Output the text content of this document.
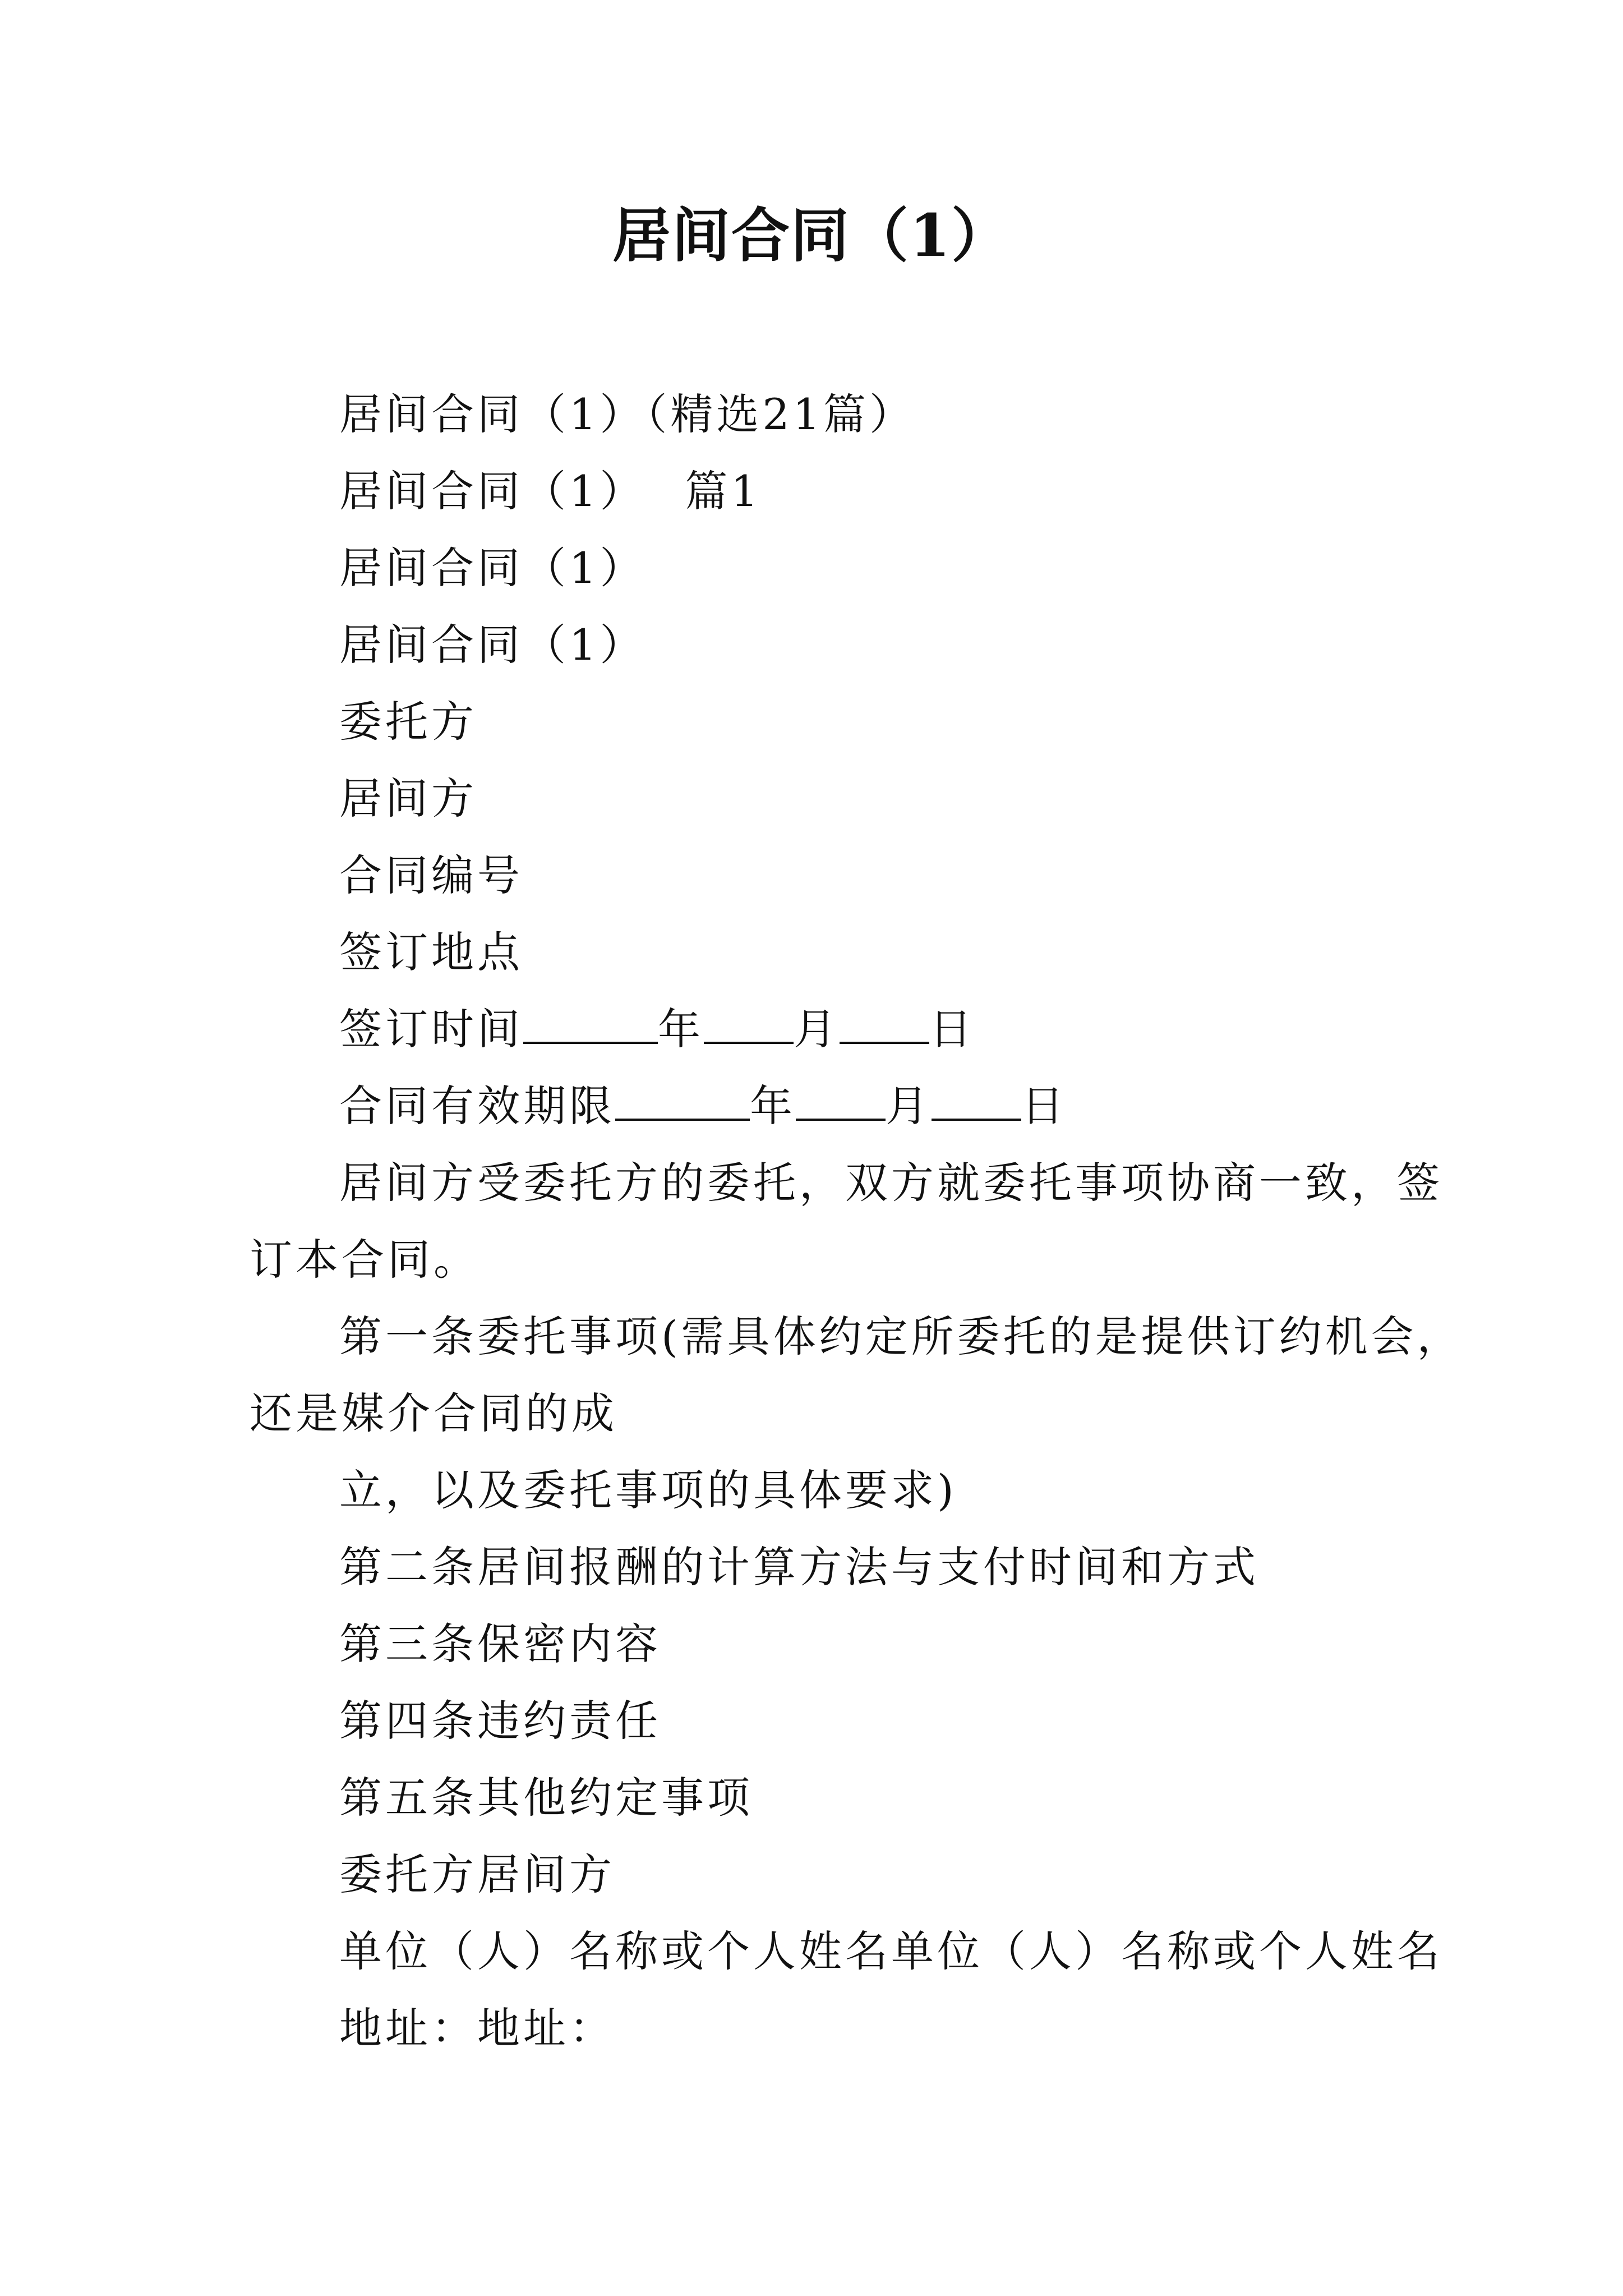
居间合同（1）
居间合同（1）（精选21篇）
居间合同（1） 篇1
居间合同（1）
居间合同（1）
委托方
居间方
合同编号
签订地点
签订时间	年 月 日
合同有效期限	年 月 日
居间方受委托方的委托，双方就委托事项协商一致，签
订本合同。
第一条委托事项(需具体约定所委托的是提供订约机会，
还是媒介合同的成
立，以及委托事项的具体要求)
第二条居间报酬的计算方法与支付时间和方式
第三条保密内容
第四条违约责任
第五条其他约定事项
委托方居间方
单位（人）名称或个人姓名单位（人）名称或个人姓名
地址：地址：
